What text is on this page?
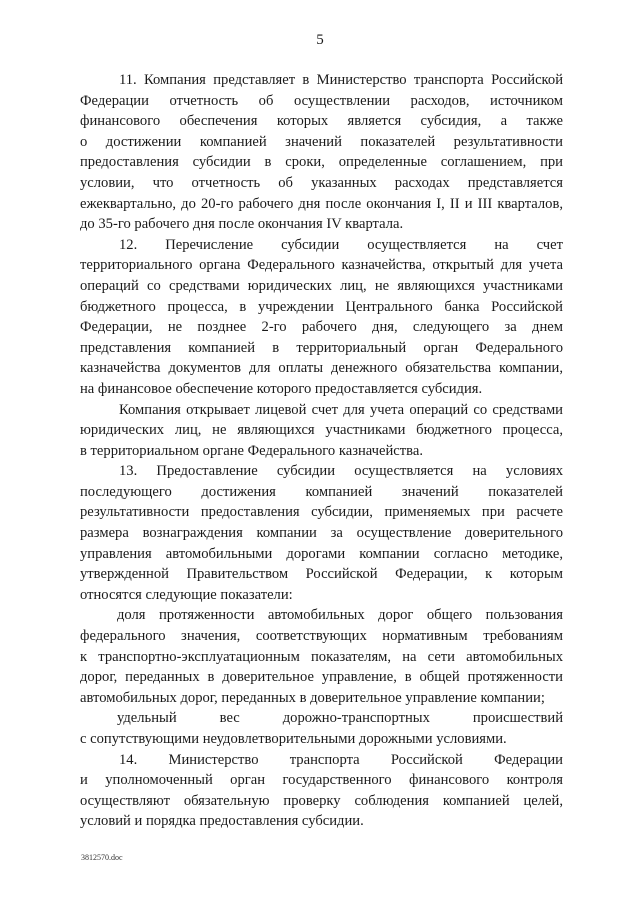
5
11. Компания представляет в Министерство транспорта Российской
Федерации отчетность об осуществлении расходов, источником
финансового обеспечения которых является субсидия, а также
о достижении компанией значений показателей результативности
предоставления субсидии в сроки, определенные соглашением, при
условии, что отчетность об указанных расходах представляется
ежеквартально, до 20-го рабочего дня после окончания I, II и III кварталов,
до 35-го рабочего дня после окончания IV квартала.
12. Перечисление субсидии осуществляется на счет
территориального органа Федерального казначейства, открытый для учета
операций со средствами юридических лиц, не являющихся участниками
бюджетного процесса, в учреждении Центрального банка Российской
Федерации, не позднее 2-го рабочего дня, следующего за днем
представления компанией в территориальный орган Федерального
казначейства документов для оплаты денежного обязательства компании,
на финансовое обеспечение которого предоставляется субсидия.
Компания открывает лицевой счет для учета операций со средствами
юридических лиц, не являющихся участниками бюджетного процесса,
в территориальном органе Федерального казначейства.
13. Предоставление субсидии осуществляется на условиях
последующего достижения компанией значений показателей
результативности предоставления субсидии, применяемых при расчете
размера вознаграждения компании за осуществление доверительного
управления автомобильными дорогами компании согласно методике,
утвержденной Правительством Российской Федерации, к которым
относятся следующие показатели:
доля протяженности автомобильных дорог общего пользования
федерального значения, соответствующих нормативным требованиям
к транспортно-эксплуатационным показателям, на сети автомобильных
дорог, переданных в доверительное управление, в общей протяженности
автомобильных дорог, переданных в доверительное управление компании;
удельный вес дорожно-транспортных происшествий
с сопутствующими неудовлетворительными дорожными условиями.
14. Министерство транспорта Российской Федерации
и уполномоченный орган государственного финансового контроля
осуществляют обязательную проверку соблюдения компанией целей,
условий и порядка предоставления субсидии.
3812570.doc
